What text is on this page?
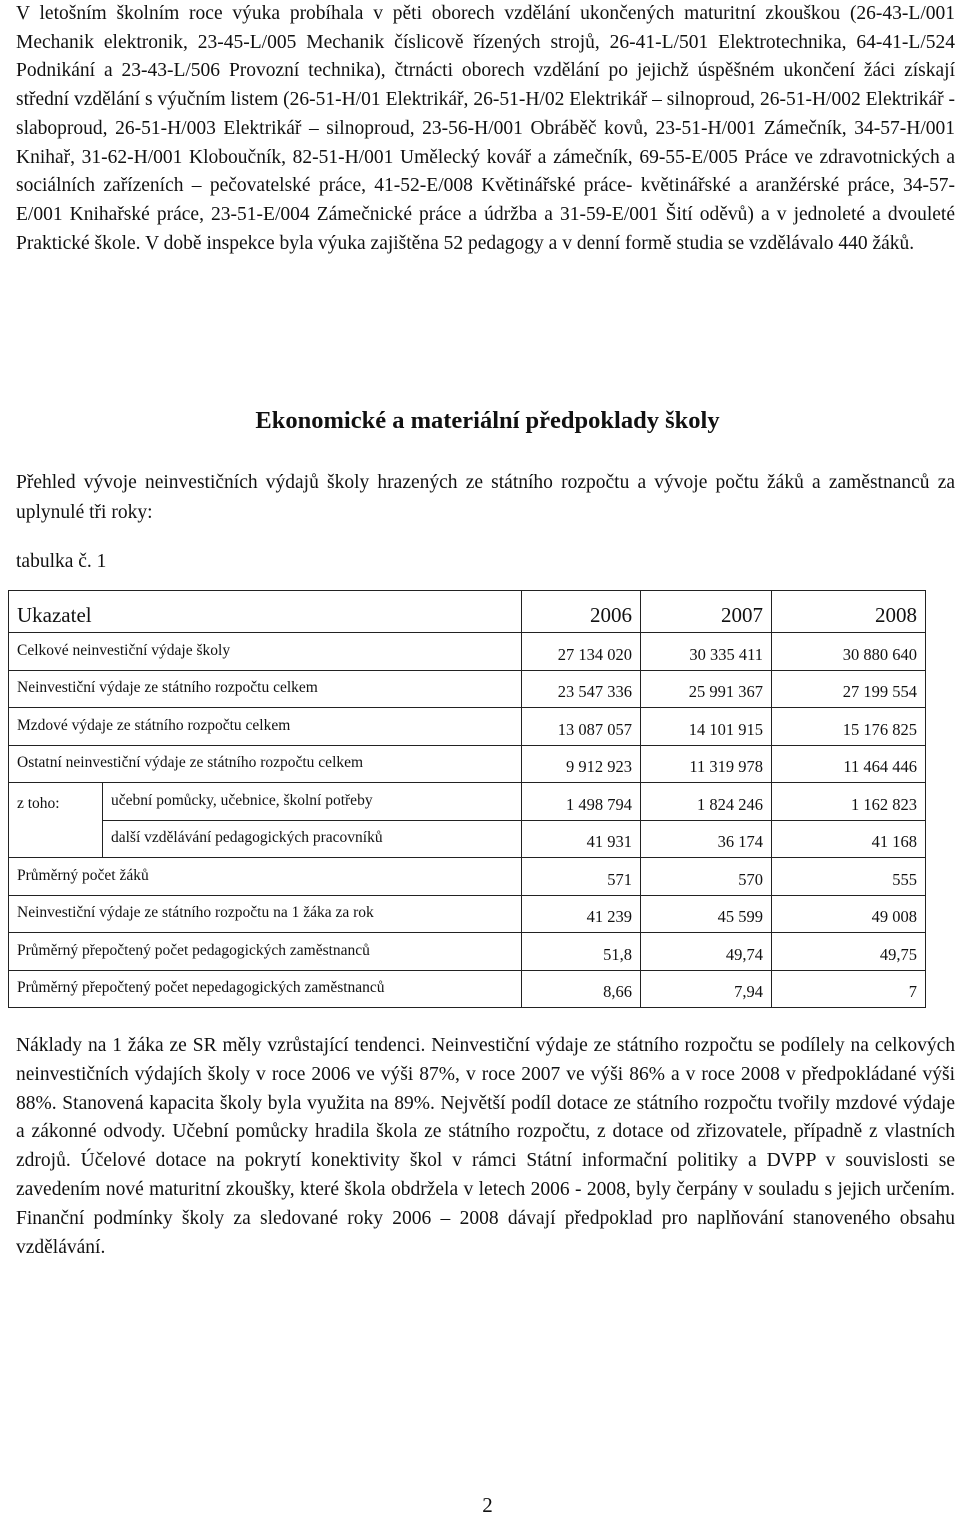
V letošním školním roce výuka probíhala v pěti oborech vzdělání ukončených maturitní zkouškou (26-43-L/001 Mechanik elektronik, 23-45-L/005 Mechanik číslicově řízených strojů, 26-41-L/501 Elektrotechnika, 64-41-L/524 Podnikání a 23-43-L/506 Provozní technika), čtrnácti oborech vzdělání po jejichž úspěšném ukončení žáci získají střední vzdělání s výučním listem (26-51-H/01 Elektrikář, 26-51-H/02 Elektrikář – silnoproud, 26-51-H/002 Elektrikář - slaboproud, 26-51-H/003 Elektrikář – silnoproud, 23-56-H/001 Obráběč kovů, 23-51-H/001 Zámečník, 34-57-H/001 Knihař, 31-62-H/001 Kloboučník, 82-51-H/001 Umělecký kovář a zámečník, 69-55-E/005 Práce ve zdravotnických a sociálních zařízeních – pečovatelské práce, 41-52-E/008 Květinářské práce- květinářské a aranžérské práce, 34-57-E/001 Knihařské práce, 23-51-E/004 Zámečnické práce a údržba a 31-59-E/001 Šití oděvů) a v jednoleté a dvouleté Praktické škole. V době inspekce byla výuka zajištěna 52 pedagogy a v denní formě studia se vzdělávalo 440 žáků.

Ekonomické a materiální předpoklady školy

Přehled vývoje neinvestičních výdajů školy hrazených ze státního rozpočtu a vývoje počtu žáků a zaměstnanců za uplynulé tři roky:

tabulka č. 1

Ukazatel		2006	2007	2008
Celkové neinvestiční výdaje školy		27 134 020	30 335 411	30 880 640
Neinvestiční výdaje ze státního rozpočtu celkem		23 547 336	25 991 367	27 199 554
Mzdové výdaje ze státního rozpočtu celkem		13 087 057	14 101 915	15 176 825
Ostatní neinvestiční výdaje ze státního rozpočtu celkem		9 912 923	11 319 978	11 464 446
z toho:	učební pomůcky, učebnice, školní potřeby	1 498 794	1 824 246	1 162 823
	další vzdělávání pedagogických pracovníků	41 931	36 174	41 168
Průměrný počet žáků		571	570	555
Neinvestiční výdaje ze státního rozpočtu na 1 žáka za rok		41 239	45 599	49 008
Průměrný přepočtený počet pedagogických zaměstnanců		51,8	49,74	49,75
Průměrný přepočtený počet nepedagogických zaměstnanců		8,66	7,94	7

Náklady na 1 žáka ze SR měly vzrůstající tendenci. Neinvestiční výdaje ze státního rozpočtu se podílely na celkových neinvestičních výdajích školy v roce 2006 ve výši 87%, v roce 2007 ve výši 86% a v roce 2008 v předpokládané výši 88%. Stanovená kapacita školy byla využita na 89%. Největší podíl dotace ze státního rozpočtu tvořily mzdové výdaje a zákonné odvody. Učební pomůcky hradila škola ze státního rozpočtu, z dotace od zřizovatele, případně z vlastních zdrojů. Účelové dotace na pokrytí konektivity škol v rámci Státní informační politiky a DVPP v souvislosti se zavedením nové maturitní zkoušky, které škola obdržela v letech 2006 - 2008, byly čerpány v souladu s jejich určením. Finanční podmínky školy za sledované roky 2006 – 2008 dávají předpoklad pro naplňování stanoveného obsahu vzdělávání.

2
